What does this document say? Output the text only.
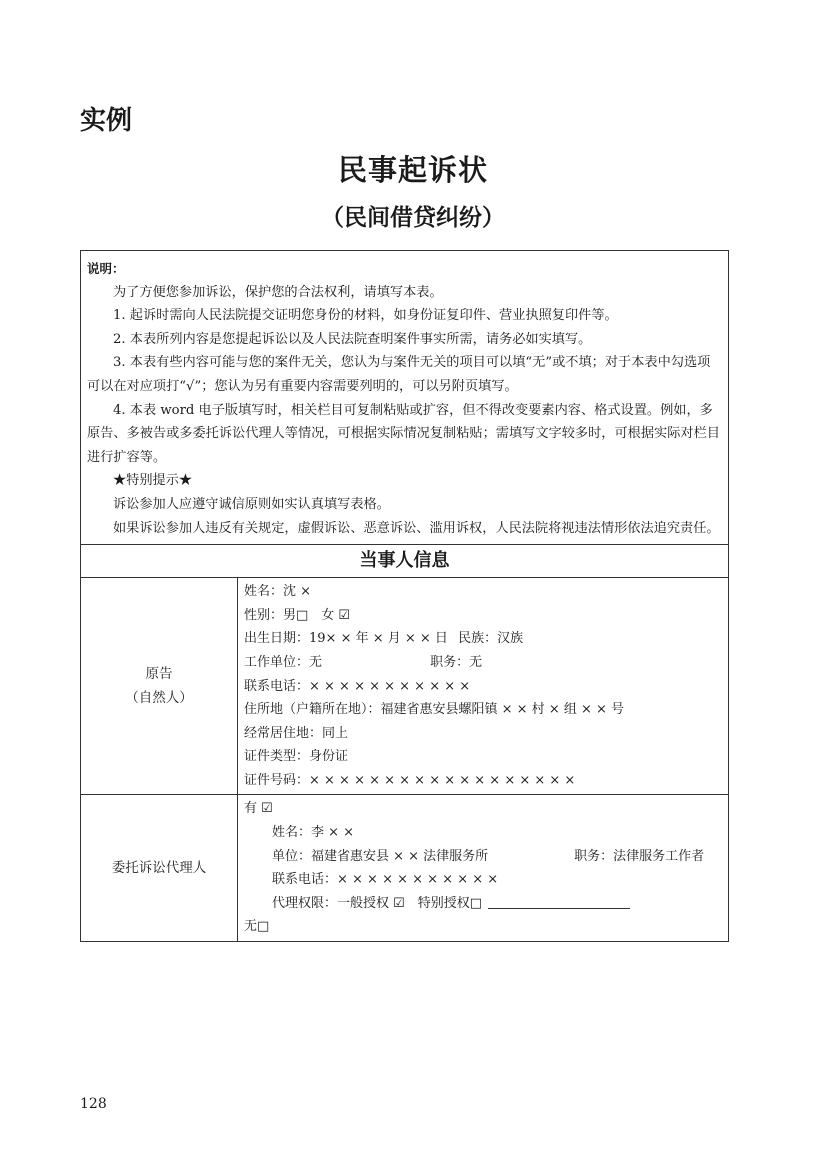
实例
民事起诉状
（民间借贷纠纷）

说明：

为了方便您参加诉讼，保护您的合法权利，请填写本表。

1. 起诉时需向人民法院提交证明您身份的材料，如身份证复印件、营业执照复印件等。

2. 本表所列内容是您提起诉讼以及人民法院查明案件事实所需，请务必如实填写。

3. 本表有些内容可能与您的案件无关，您认为与案件无关的项目可以填“无”或不填；对于本表中勾选项可以在对应项打“√”；您认为另有重要内容需要列明的，可以另附页填写。

4. 本表 word 电子版填写时，相关栏目可复制粘贴或扩容，但不得改变要素内容、格式设置。例如，多原告、多被告或多委托诉讼代理人等情况，可根据实际情况复制粘贴；需填写文字较多时，可根据实际对栏目进行扩容等。

★特别提示★

诉讼参加人应遵守诚信原则如实认真填写表格。

如果诉讼参加人违反有关规定，虚假诉讼、恶意诉讼、滥用诉权，人民法院将视违法情形依法追究责任。

当事人信息
原告
（自然人）
姓名：沈 ×
性别：男□　女 ☑
出生日期：19× × 年 × 月 × × 日 民族：汉族
工作单位：无	职务：无
联系电话：× × × × × × × × × × ×
住所地（户籍所在地）：福建省惠安县螺阳镇 × × 村 × 组 × × 号
经常居住地：同上
证件类型：身份证
证件号码：× × × × × × × × × × × × × × × × × ×
委托诉讼代理人
有 ☑
姓名：李 × ×
单位：福建省惠安县 × × 法律服务所	职务：法律服务工作者
联系电话：× × × × × × × × × × ×
代理权限：一般授权 ☑　特别授权□
无□
128
